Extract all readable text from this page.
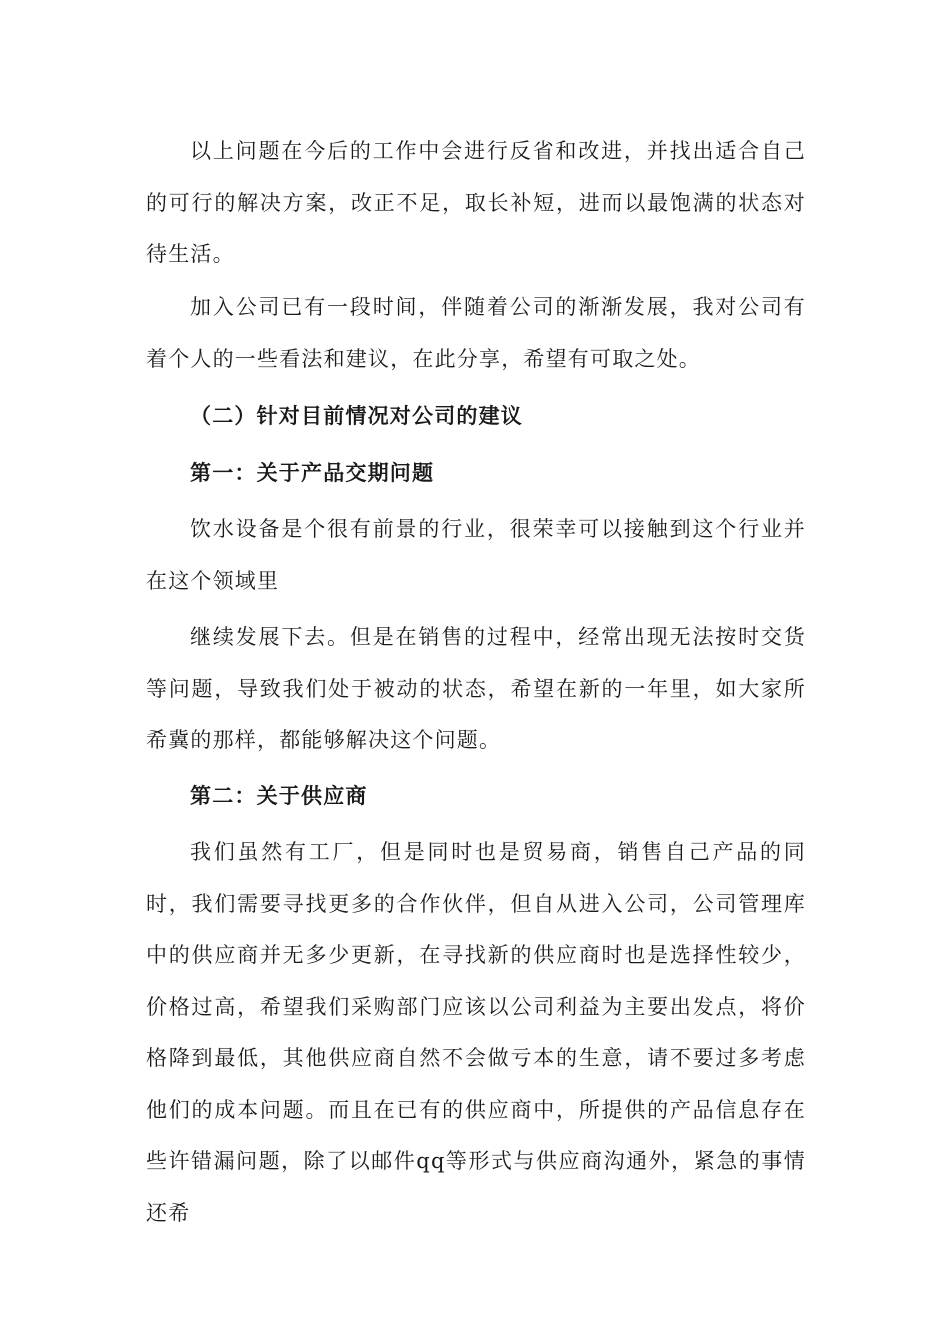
以上问题在今后的工作中会进行反省和改进，并找出适合自己的可行的解决方案，改正不足，取长补短，进而以最饱满的状态对待生活。

加入公司已有一段时间，伴随着公司的渐渐发展，我对公司有着个人的一些看法和建议，在此分享，希望有可取之处。

（二）针对目前情况对公司的建议

第一：关于产品交期问题

饮水设备是个很有前景的行业，很荣幸可以接触到这个行业并在这个领域里

继续发展下去。但是在销售的过程中，经常出现无法按时交货等问题，导致我们处于被动的状态，希望在新的一年里，如大家所希冀的那样，都能够解决这个问题。

第二：关于供应商

我们虽然有工厂，但是同时也是贸易商，销售自己产品的同时，我们需要寻找更多的合作伙伴，但自从进入公司，公司管理库中的供应商并无多少更新，在寻找新的供应商时也是选择性较少，价格过高，希望我们采购部门应该以公司利益为主要出发点，将价格降到最低，其他供应商自然不会做亏本的生意，请不要过多考虑他们的成本问题。而且在已有的供应商中，所提供的产品信息存在些许错漏问题，除了以邮件qq等形式与供应商沟通外，紧急的事情还希
